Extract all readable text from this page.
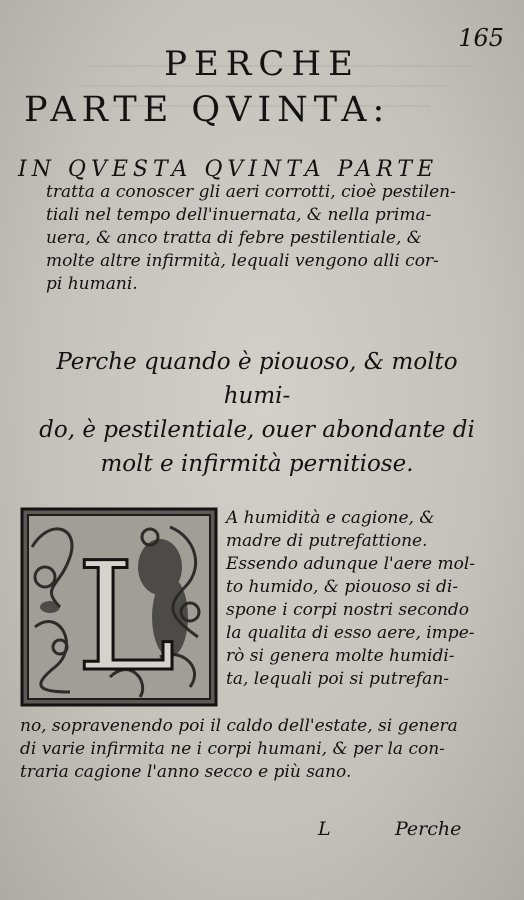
165
PERCHE
PARTE QVINTA:
IN QVESTA QVINTA PARTE
tratta a conoscer gli aeri corrotti, cioè pestilen-
tiali nel tempo dell'inuernata, & nella prima-
uera, & anco tratta di febre pestilentiale, &
molte altre infirmità, lequali vengono alli cor-
pi humani.
Perche quando è piouoso, & molto humi-
do, è pestilentiale, ouer abondante di
molt e infirmità pernitiose.
L
A humidità e cagione, &
madre di putrefattione.
Essendo adunque l'aere mol-
to humido, & piouoso si di-
spone i corpi nostri secondo
la qualita di esso aere, impe-
rò si genera molte humidi-
ta, lequali poi si putrefan-
no, sopravenendo poi il caldo dell'estate, si genera
di varie infirmita ne i corpi humani, & per la con-
traria cagione l'anno secco e più sano.
L	Perche
